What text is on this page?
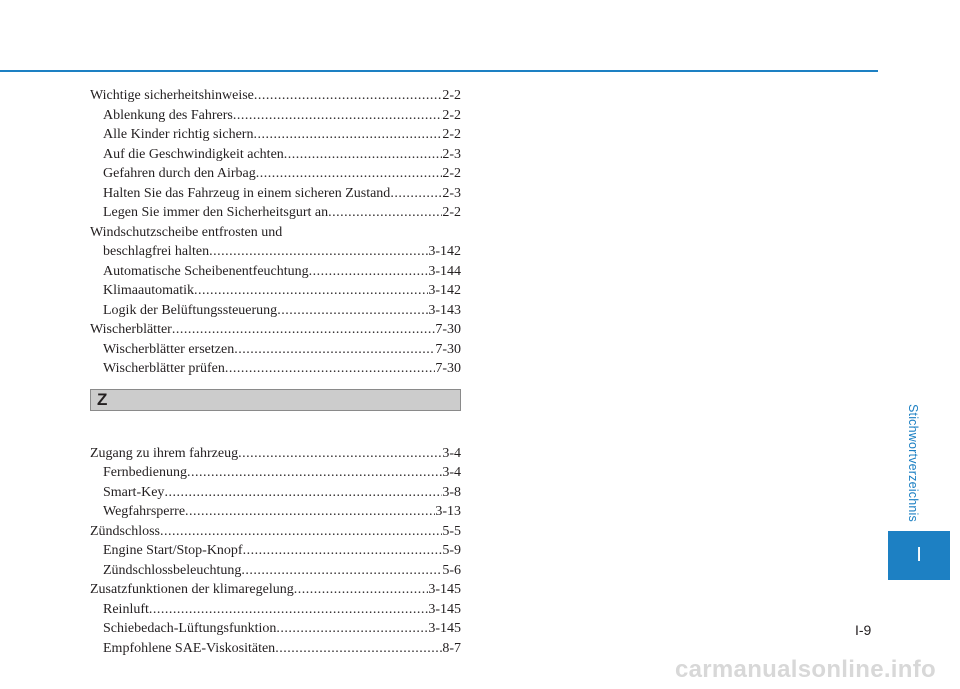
Wichtige sicherheitshinweise .....	2-2
Ablenkung des Fahrers .....	2-2
Alle Kinder richtig sichern .....	2-2
Auf die Geschwindigkeit achten .....	2-3
Gefahren durch den Airbag .....	2-2
Halten Sie das Fahrzeug in einem sicheren Zustand .....	2-3
Legen Sie immer den Sicherheitsgurt an .....	2-2
Windschutzscheibe entfrosten und
beschlagfrei halten .....	3-142
Automatische Scheibenentfeuchtung .....	3-144
Klimaautomatik .....	3-142
Logik der Belüftungssteuerung .....	3-143
Wischerblätter .....	7-30
Wischerblätter ersetzen .....	7-30
Wischerblätter prüfen .....	7-30
Z
Zugang zu ihrem fahrzeug .....	3-4
Fernbedienung .....	3-4
Smart-Key .....	3-8
Wegfahrsperre .....	3-13
Zündschloss .....	5-5
Engine Start/Stop-Knopf .....	5-9
Zündschlossbeleuchtung .....	5-6
Zusatzfunktionen der klimaregelung .....	3-145
Reinluft .....	3-145
Schiebedach-Lüftungsfunktion .....	3-145
Empfohlene SAE-Viskositäten .....	8-7
Stichwortverzeichnis
I
I-9
carmanualsonline.info
